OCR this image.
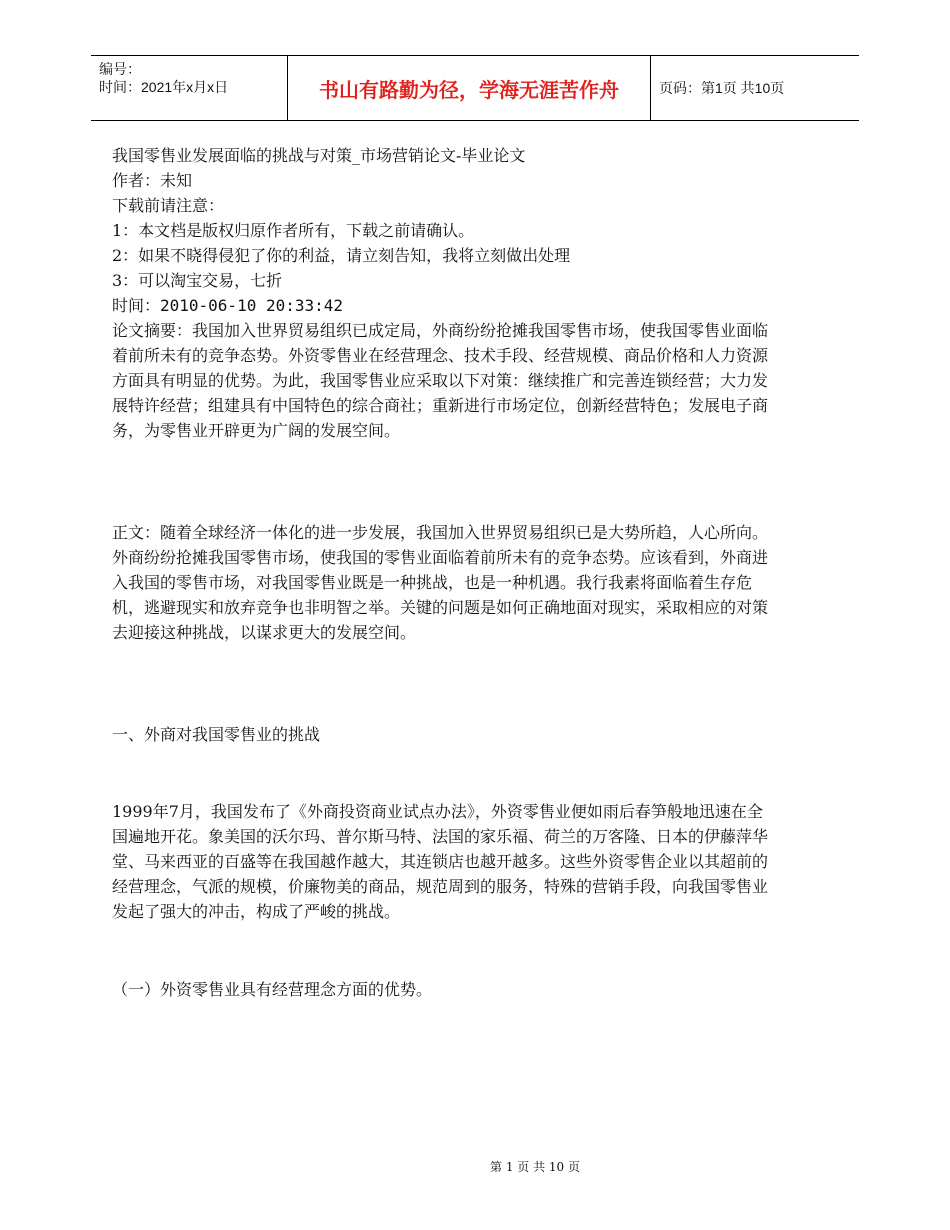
编号：
时间：2021年x月x日	书山有路勤为径，学海无涯苦作舟	页码：第1页 共10页

我国零售业发展面临的挑战与对策_市场营销论文-毕业论文

作者：未知

下载前请注意：

1：本文档是版权归原作者所有，下载之前请确认。

2：如果不晓得侵犯了你的利益，请立刻告知，我将立刻做出处理

3：可以淘宝交易，七折

时间：2010-06-10 20:33:42

论文摘要：我国加入世界贸易组织已成定局，外商纷纷抢摊我国零售市场，使我国零售业面临着前所未有的竞争态势。外资零售业在经营理念、技术手段、经营规模、商品价格和人力资源方面具有明显的优势。为此，我国零售业应采取以下对策：继续推广和完善连锁经营；大力发展特许经营；组建具有中国特色的综合商社；重新进行市场定位，创新经营特色；发展电子商务，为零售业开辟更为广阔的发展空间。

正文：随着全球经济一体化的进一步发展，我国加入世界贸易组织已是大势所趋，人心所向。外商纷纷抢摊我国零售市场，使我国的零售业面临着前所未有的竞争态势。应该看到，外商进入我国的零售市场，对我国零售业既是一种挑战，也是一种机遇。我行我素将面临着生存危机，逃避现实和放弃竞争也非明智之举。关键的问题是如何正确地面对现实，采取相应的对策去迎接这种挑战，以谋求更大的发展空间。

一、外商对我国零售业的挑战

1999年7月，我国发布了《外商投资商业试点办法》，外资零售业便如雨后春笋般地迅速在全国遍地开花。象美国的沃尔玛、普尔斯马特、法国的家乐福、荷兰的万客隆、日本的伊藤萍华堂、马来西亚的百盛等在我国越作越大，其连锁店也越开越多。这些外资零售企业以其超前的经营理念，气派的规模，价廉物美的商品，规范周到的服务，特殊的营销手段，向我国零售业发起了强大的冲击，构成了严峻的挑战。

（一）外资零售业具有经营理念方面的优势。

第 1 页 共 10 页
